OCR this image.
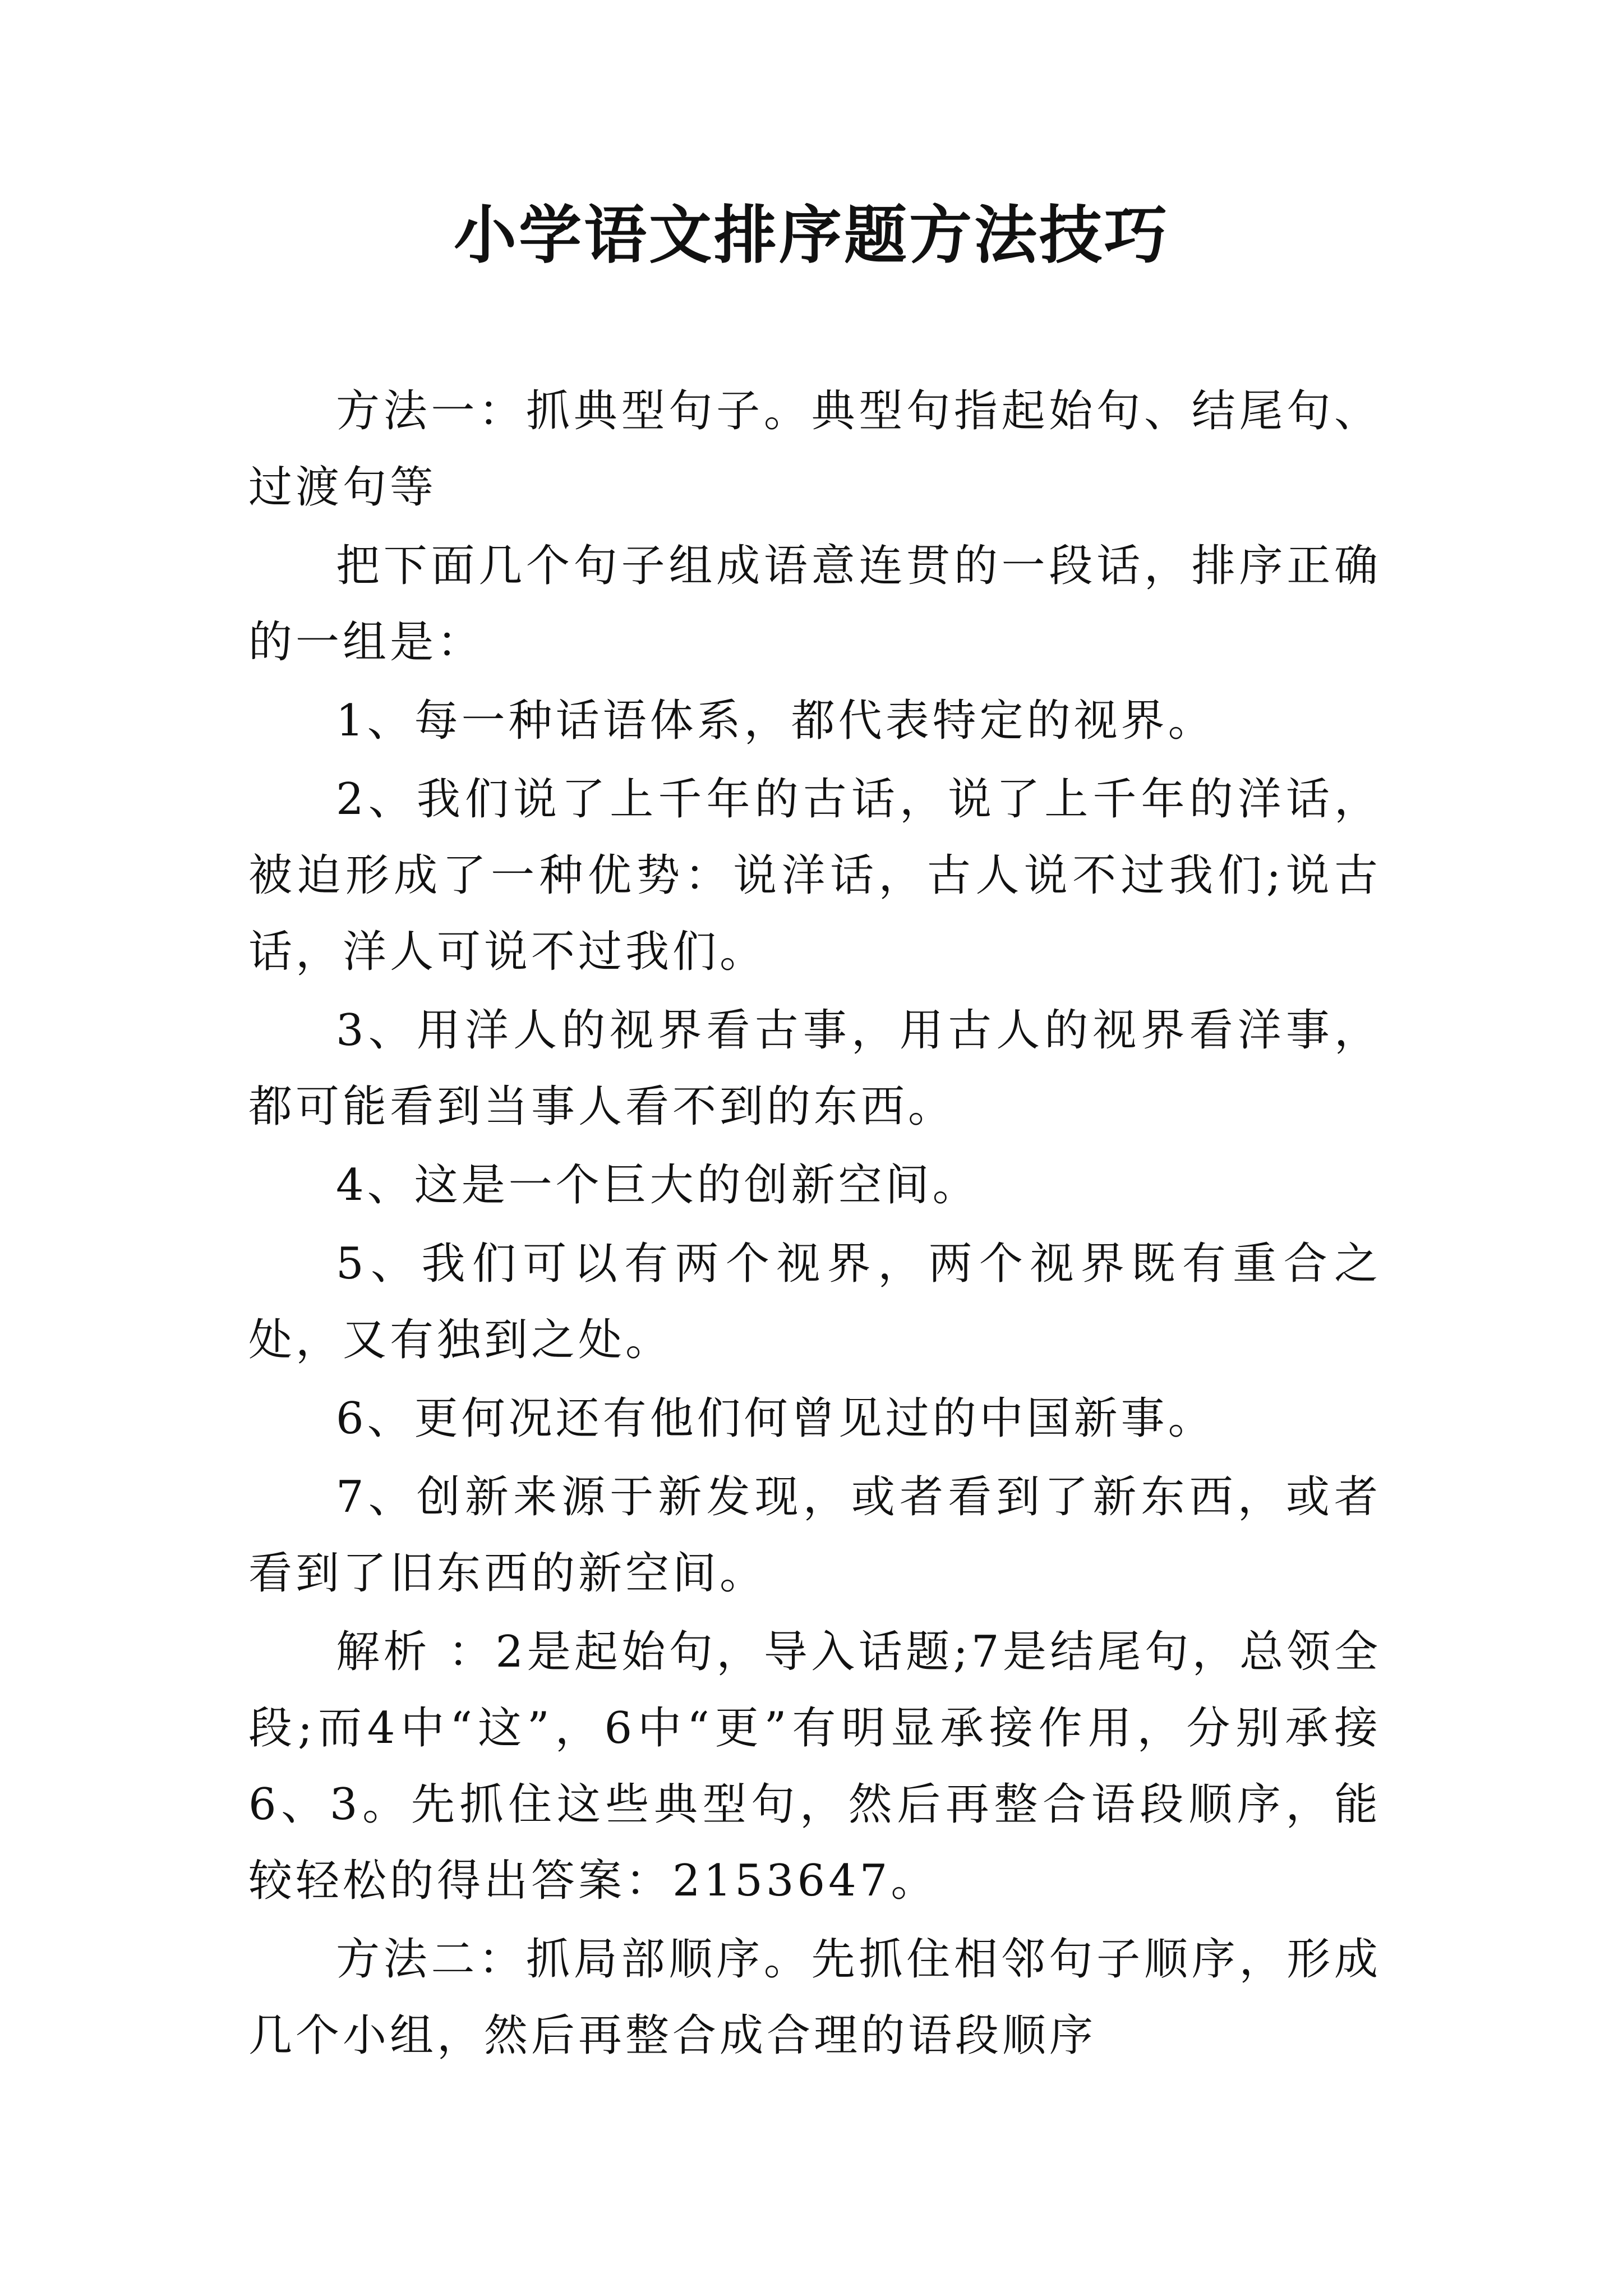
小学语文排序题方法技巧

方法一：抓典型句子。典型句指起始句、结尾句、过渡句等

把下面几个句子组成语意连贯的一段话，排序正确的一组是：

1、每一种话语体系，都代表特定的视界。

2、我们说了上千年的古话，说了上千年的洋话，被迫形成了一种优势：说洋话，古人说不过我们;说古话，洋人可说不过我们。

3、用洋人的视界看古事，用古人的视界看洋事，都可能看到当事人看不到的东西。

4、这是一个巨大的创新空间。

5、我们可以有两个视界，两个视界既有重合之处，又有独到之处。

6、更何况还有他们何曾见过的中国新事。

7、创新来源于新发现，或者看到了新东西，或者看到了旧东西的新空间。

解析 ：2是起始句，导入话题;7是结尾句，总领全段;而4中“这”，6中“更”有明显承接作用，分别承接6、3。先抓住这些典型句，然后再整合语段顺序，能较轻松的得出答案：2153647。

方法二：抓局部顺序。先抓住相邻句子顺序，形成几个小组，然后再整合成合理的语段顺序
